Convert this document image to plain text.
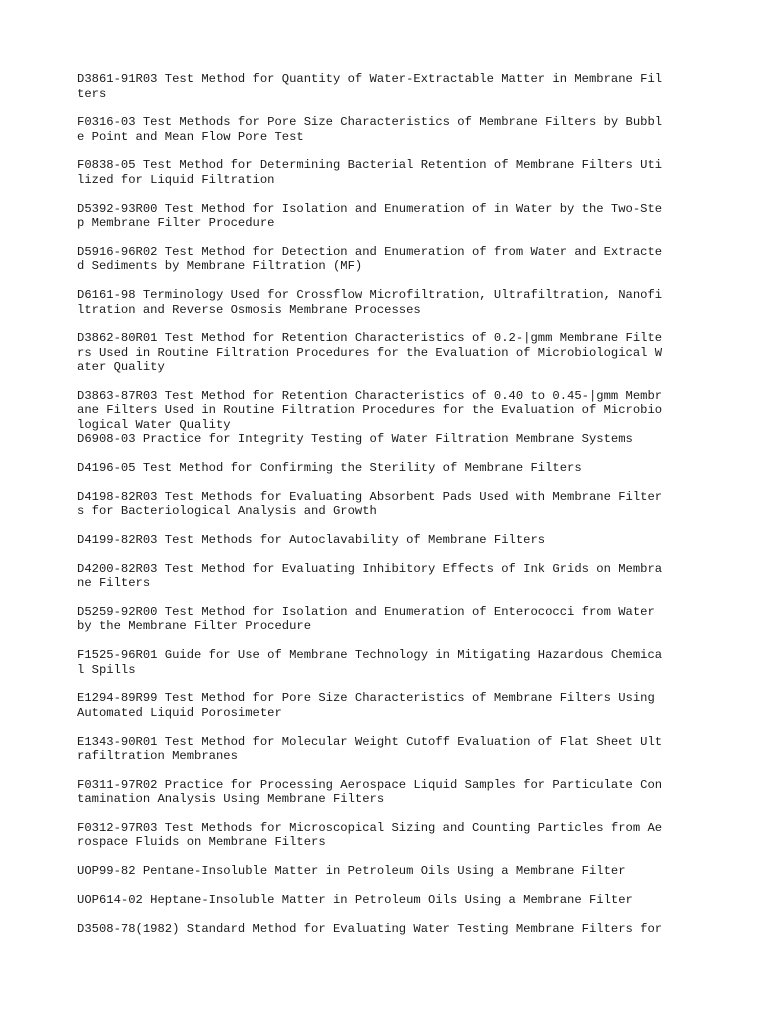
D3861-91R03 Test Method for Quantity of Water-Extractable Matter in Membrane Fil
ters
F0316-03 Test Methods for Pore Size Characteristics of Membrane Filters by Bubbl
e Point and Mean Flow Pore Test
F0838-05 Test Method for Determining Bacterial Retention of Membrane Filters Uti
lized for Liquid Filtration
D5392-93R00 Test Method for Isolation and Enumeration of in Water by the Two-Ste
p Membrane Filter Procedure
D5916-96R02 Test Method for Detection and Enumeration of from Water and Extracte
d Sediments by Membrane Filtration (MF)
D6161-98 Terminology Used for Crossflow Microfiltration, Ultrafiltration, Nanofi
ltration and Reverse Osmosis Membrane Processes
D3862-80R01 Test Method for Retention Characteristics of 0.2-|gmm Membrane Filte
rs Used in Routine Filtration Procedures for the Evaluation of Microbiological W
ater Quality
D3863-87R03 Test Method for Retention Characteristics of 0.40 to 0.45-|gmm Membr
ane Filters Used in Routine Filtration Procedures for the Evaluation of Microbio
logical Water Quality
D6908-03 Practice for Integrity Testing of Water Filtration Membrane Systems
D4196-05 Test Method for Confirming the Sterility of Membrane Filters
D4198-82R03 Test Methods for Evaluating Absorbent Pads Used with Membrane Filter
s for Bacteriological Analysis and Growth
D4199-82R03 Test Methods for Autoclavability of Membrane Filters
D4200-82R03 Test Method for Evaluating Inhibitory Effects of Ink Grids on Membra
ne Filters
D5259-92R00 Test Method for Isolation and Enumeration of Enterococci from Water
by the Membrane Filter Procedure
F1525-96R01 Guide for Use of Membrane Technology in Mitigating Hazardous Chemica
l Spills
E1294-89R99 Test Method for Pore Size Characteristics of Membrane Filters Using
Automated Liquid Porosimeter
E1343-90R01 Test Method for Molecular Weight Cutoff Evaluation of Flat Sheet Ult
rafiltration Membranes
F0311-97R02 Practice for Processing Aerospace Liquid Samples for Particulate Con
tamination Analysis Using Membrane Filters
F0312-97R03 Test Methods for Microscopical Sizing and Counting Particles from Ae
rospace Fluids on Membrane Filters
UOP99-82 Pentane-Insoluble Matter in Petroleum Oils Using a Membrane Filter
UOP614-02 Heptane-Insoluble Matter in Petroleum Oils Using a Membrane Filter
D3508-78(1982) Standard Method for Evaluating Water Testing Membrane Filters for
